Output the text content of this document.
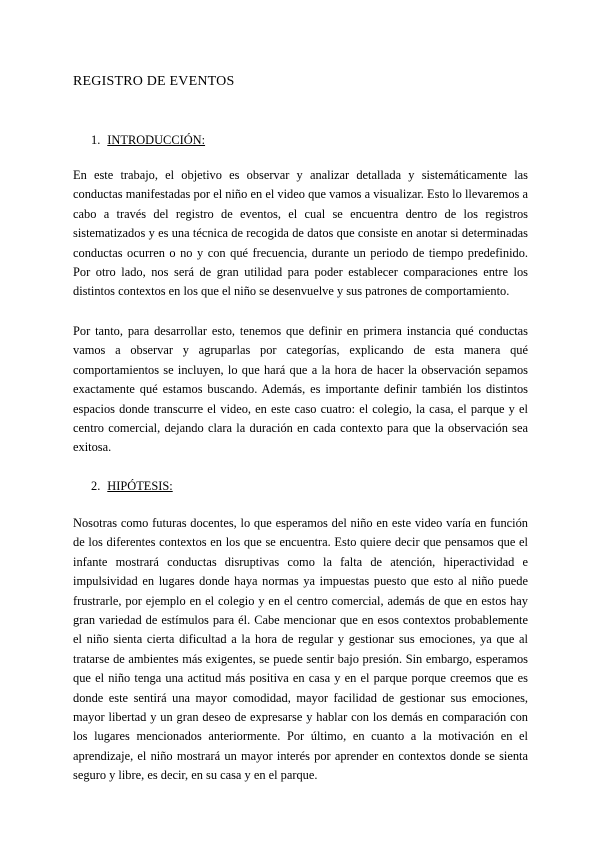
REGISTRO DE EVENTOS
1. INTRODUCCIÓN:

En este trabajo, el objetivo es observar y analizar detallada y sistemáticamente las conductas manifestadas por el niño en el video que vamos a visualizar. Esto lo llevaremos a cabo a través del registro de eventos, el cual se encuentra dentro de los registros sistematizados y es una técnica de recogida de datos que consiste en anotar si determinadas conductas ocurren o no y con qué frecuencia, durante un periodo de tiempo predefinido. Por otro lado, nos será de gran utilidad para poder establecer comparaciones entre los distintos contextos en los que el niño se desenvuelve y sus patrones de comportamiento.

Por tanto, para desarrollar esto, tenemos que definir en primera instancia qué conductas vamos a observar y agruparlas por categorías, explicando de esta manera qué comportamientos se incluyen, lo que hará que a la hora de hacer la observación sepamos exactamente qué estamos buscando. Además, es importante definir también los distintos espacios donde transcurre el video, en este caso cuatro: el colegio, la casa, el parque y el centro comercial, dejando clara la duración en cada contexto para que la observación sea exitosa.

2. HIPÓTESIS:

Nosotras como futuras docentes, lo que esperamos del niño en este video varía en función de los diferentes contextos en los que se encuentra. Esto quiere decir que pensamos que el infante mostrará conductas disruptivas como la falta de atención, hiperactividad e impulsividad en lugares donde haya normas ya impuestas puesto que esto al niño puede frustrarle, por ejemplo en el colegio y en el centro comercial, además de que en estos hay gran variedad de estímulos para él. Cabe mencionar que en esos contextos probablemente el niño sienta cierta dificultad a la hora de regular y gestionar sus emociones, ya que al tratarse de ambientes más exigentes, se puede sentir bajo presión. Sin embargo, esperamos que el niño tenga una actitud más positiva en casa y en el parque porque creemos que es donde este sentirá una mayor comodidad, mayor facilidad de gestionar sus emociones, mayor libertad y un gran deseo de expresarse y hablar con los demás en comparación con los lugares mencionados anteriormente. Por último, en cuanto a la motivación en el aprendizaje, el niño mostrará un mayor interés por aprender en contextos donde se sienta seguro y libre, es decir, en su casa y en el parque.
